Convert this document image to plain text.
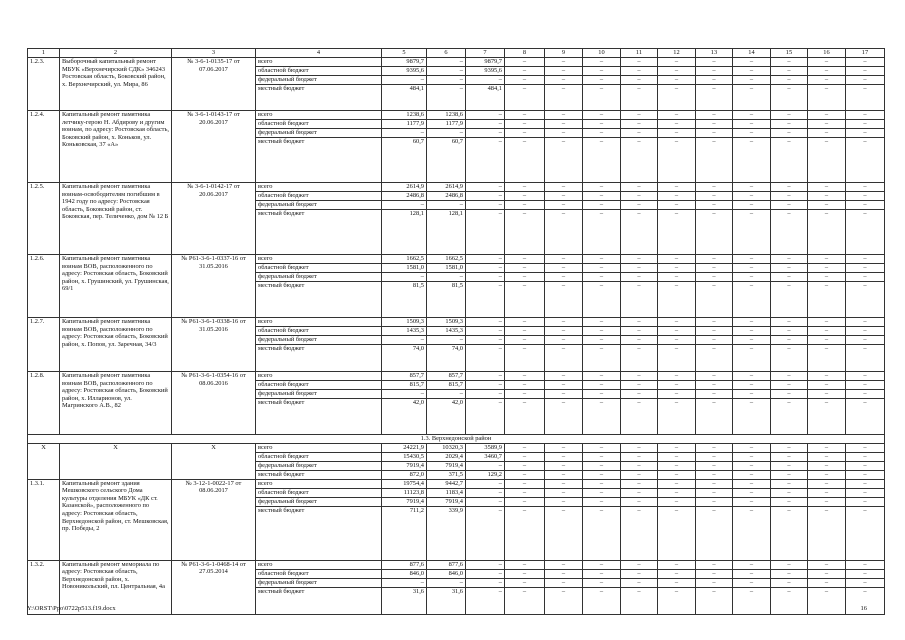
1	2	3	4	5	6	7	8	9	10	11	12	13	14	15	16	17
1.2.3.	Выборочный капитальный ремонт МБУК «Верхнечирский СДК» 346243 Ростовская область, Боковский район, х. Верхнечирский, ул. Мира, 86	№ 3-6-1-0135-17 от 07.06.2017	всего	9879,7	–	9879,7	–	–	–	–	–	–	–	–	–	–
			областной бюджет	9395,6	–	9395,6	–	–	–	–	–	–	–	–	–	–
			федеральный бюджет	–	–	–	–	–	–	–	–	–	–	–	–	–
			местный бюджет	484,1	–	484,1	–	–	–	–	–	–	–	–	–	–
1.2.4.	Капитальный ремонт памятника летчику-герою Н. Абдирову и другим воинам, по адресу: Ростовская область, Боковский район, х. Коньков, ул. Коньковская, 37 «А»	№ 3-6-1-0143-17 от 20.06.2017	всего	1238,6	1238,6	–	–	–	–	–	–	–	–	–	–	–
			областной бюджет	1177,9	1177,9	–	–	–	–	–	–	–	–	–	–	–
			федеральный бюджет	–	–	–	–	–	–	–	–	–	–	–	–	–
			местный бюджет	60,7	60,7	–	–	–	–	–	–	–	–	–	–	–
1.2.5.	Капитальный ремонт памятника воинам-освободителям погибшим в 1942 году по адресу: Ростовская область, Боковский район, ст. Боковская, пер. Теличенко, дом № 12 Б	№ 3-6-1-0142-17 от 20.06.2017	всего	2614,9	2614,9	–	–	–	–	–	–	–	–	–	–	–
			областной бюджет	2486,8	2486,8	–	–	–	–	–	–	–	–	–	–	–
			федеральный бюджет	–	–	–	–	–	–	–	–	–	–	–	–	–
			местный бюджет	128,1	128,1	–	–	–	–	–	–	–	–	–	–	–
1.2.6.	Капитальный ремонт памятника воинам ВОВ, расположенного по адресу: Ростовская область, Боковский район, х. Грушинский, ул. Грушинская, 69/1	№ Р61-3-6-1-0337-16 от 31.05.2016	всего	1662,5	1662,5	–	–	–	–	–	–	–	–	–	–	–
			областной бюджет	1581,0	1581,0	–	–	–	–	–	–	–	–	–	–	–
			федеральный бюджет	–	–	–	–	–	–	–	–	–	–	–	–	–
			местный бюджет	81,5	81,5	–	–	–	–	–	–	–	–	–	–	–
1.2.7.	Капитальный ремонт памятника воинам ВОВ, расположенного по адресу: Ростовская область, Боковский район, х. Попов, ул. Заречная, 34/3	№ Р61-3-6-1-0338-16 от 31.05.2016	всего	1509,3	1509,3	–	–	–	–	–	–	–	–	–	–	–
			областной бюджет	1435,3	1435,3	–	–	–	–	–	–	–	–	–	–	–
			федеральный бюджет	–	–	–	–	–	–	–	–	–	–	–	–	–
			местный бюджет	74,0	74,0	–	–	–	–	–	–	–	–	–	–	–
1.2.8.	Капитальный ремонт памятника воинам ВОВ, расположенного по адресу: Ростовская область, Боковский район, х. Илларионов, ул. Магринского А.В., 82	№ Р61-3-6-1-0354-16 от 08.06.2016	всего	857,7	857,7	–	–	–	–	–	–	–	–	–	–	–
			областной бюджет	815,7	815,7	–	–	–	–	–	–	–	–	–	–	–
			федеральный бюджет	–	–	–	–	–	–	–	–	–	–	–	–	–
			местный бюджет	42,0	42,0	–	–	–	–	–	–	–	–	–	–	–
1.3. Верхнедонской район																
Х	Х	Х	всего	24221,9	10320,3	3589,9	–	–	–	–	–	–	–	–	–	–
			областной бюджет	15430,5	2029,4	3460,7	–	–	–	–	–	–	–	–	–	–
			федеральный бюджет	7919,4	7919,4	–	–	–	–	–	–	–	–	–	–	–
			местный бюджет	872,0	371,5	129,2	–	–	–	–	–	–	–	–	–	–
1.3.1.	Капитальный ремонт здания Мешковского сельского Дома культуры отделения МБУК «ДК ст. Казанской», расположенного по адресу: Ростовская область, Верхнедонской район, ст. Мешковская, пр. Победы, 2	№ 3-12-1-0022-17 от 08.06.2017	всего	19754,4	9442,7	–	–	–	–	–	–	–	–	–	–	–
			областной бюджет	11123,8	1183,4	–	–	–	–	–	–	–	–	–	–	–
			федеральный бюджет	7919,4	7919,4	–	–	–	–	–	–	–	–	–	–	–
			местный бюджет	711,2	339,9	–	–	–	–	–	–	–	–	–	–	–
1.3.2.	Капитальный ремонт мемориала по адресу: Ростовская область, Верхнедонской район, х. Новоникольский, пл. Центральная, 4а	№ Р61-3-6-1-0468-14 от 27.05.2014	всего	877,6	877,6	–	–	–	–	–	–	–	–	–	–	–
			областной бюджет	846,0	846,0	–	–	–	–	–	–	–	–	–	–	–
			федеральный бюджет	–	–	–	–	–	–	–	–	–	–	–	–	–
			местный бюджет	31,6	31,6	–	–	–	–	–	–	–	–	–	–	–
Y:\ORST\Ppo\0722p513.f19.docx	16
